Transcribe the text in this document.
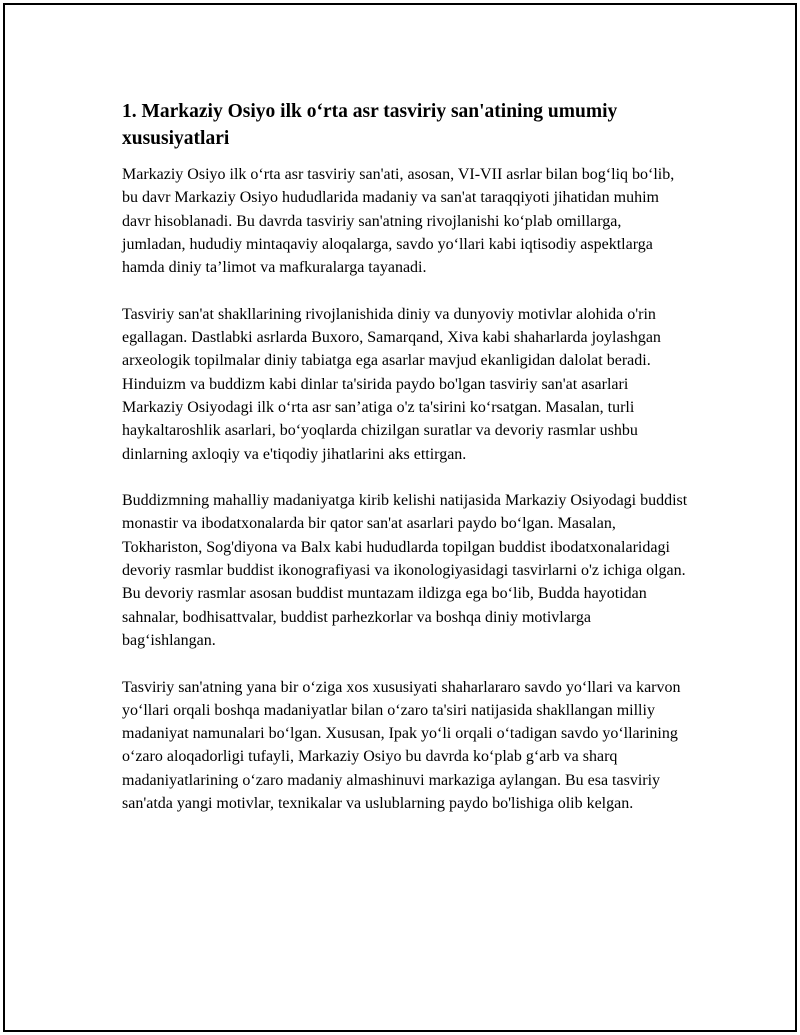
1. Markaziy Osiyo ilk o‘rta asr tasviriy san'atining umumiy xususiyatlari

Markaziy Osiyo ilk o‘rta asr tasviriy san'ati, asosan, VI-VII asrlar bilan bog‘liq bo‘lib, bu davr Markaziy Osiyo hududlarida madaniy va san'at taraqqiyoti jihatidan muhim davr hisoblanadi. Bu davrda tasviriy san'atning rivojlanishi ko‘plab omillarga, jumladan, hududiy mintaqaviy aloqalarga, savdo yo‘llari kabi iqtisodiy aspektlarga hamda diniy ta’limot va mafkuralarga tayanadi.

Tasviriy san'at shakllarining rivojlanishida diniy va dunyoviy motivlar alohida o'rin egallagan. Dastlabki asrlarda Buxoro, Samarqand, Xiva kabi shaharlarda joylashgan arxeologik topilmalar diniy tabiatga ega asarlar mavjud ekanligidan dalolat beradi. Hinduizm va buddizm kabi dinlar ta'sirida paydo bo'lgan tasviriy san'at asarlari Markaziy Osiyodagi ilk o‘rta asr san’atiga o'z ta'sirini ko‘rsatgan. Masalan, turli haykaltaroshlik asarlari, bo‘yoqlarda chizilgan suratlar va devoriy rasmlar ushbu dinlarning axloqiy va e'tiqodiy jihatlarini aks ettirgan.

Buddizmning mahalliy madaniyatga kirib kelishi natijasida Markaziy Osiyodagi buddist monastir va ibodatxonalarda bir qator san'at asarlari paydo bo‘lgan. Masalan, Tokhariston, Sog'diyona va Balx kabi hududlarda topilgan buddist ibodatxonalaridagi devoriy rasmlar buddist ikonografiyasi va ikonologiyasidagi tasvirlarni o'z ichiga olgan. Bu devoriy rasmlar asosan buddist muntazam ildizga ega bo‘lib, Budda hayotidan sahnalar, bodhisattvalar, buddist parhezkorlar va boshqa diniy motivlarga bag‘ishlangan.

Tasviriy san'atning yana bir o‘ziga xos xususiyati shaharlararo savdo yo‘llari va karvon yo‘llari orqali boshqa madaniyatlar bilan o‘zaro ta'siri natijasida shakllangan milliy madaniyat namunalari bo‘lgan. Xususan, Ipak yo‘li orqali o‘tadigan savdo yo‘llarining o‘zaro aloqadorligi tufayli, Markaziy Osiyo bu davrda ko‘plab g‘arb va sharq madaniyatlarining o‘zaro madaniy almashinuvi markaziga aylangan. Bu esa tasviriy san'atda yangi motivlar, texnikalar va uslublarning paydo bo'lishiga olib kelgan.
